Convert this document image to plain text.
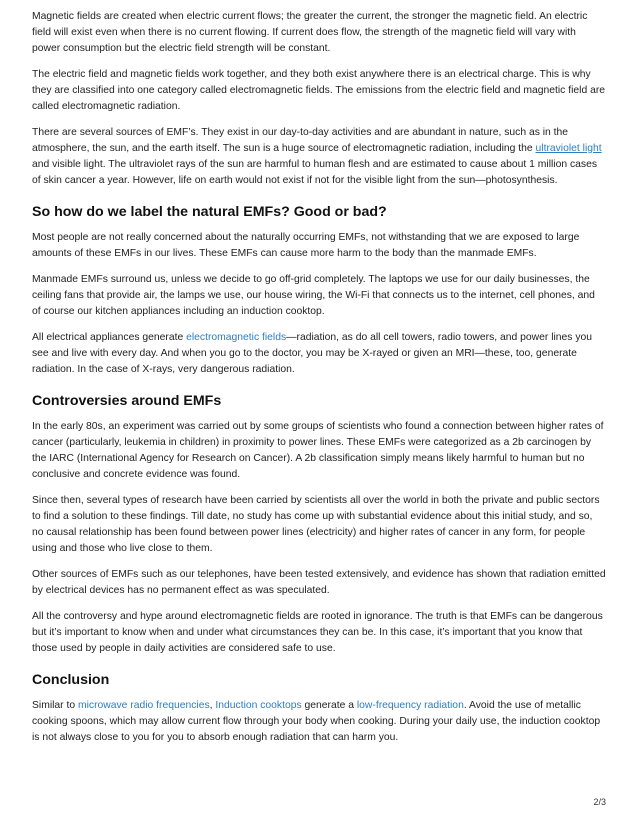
Magnetic fields are created when electric current flows; the greater the current, the stronger the magnetic field. An electric field will exist even when there is no current flowing. If current does flow, the strength of the magnetic field will vary with power consumption but the electric field strength will be constant.

The electric field and magnetic fields work together, and they both exist anywhere there is an electrical charge. This is why they are classified into one category called electromagnetic fields. The emissions from the electric field and magnetic field are called electromagnetic radiation.

There are several sources of EMF’s. They exist in our day-to-day activities and are abundant in nature, such as in the atmosphere, the sun, and the earth itself. The sun is a huge source of electromagnetic radiation, including the ultraviolet light and visible light. The ultraviolet rays of the sun are harmful to human flesh and are estimated to cause about 1 million cases of skin cancer a year. However, life on earth would not exist if not for the visible light from the sun—photosynthesis.

So how do we label the natural EMFs? Good or bad?

Most people are not really concerned about the naturally occurring EMFs, not withstanding that we are exposed to large amounts of these EMFs in our lives. These EMFs can cause more harm to the body than the manmade EMFs.

Manmade EMFs surround us, unless we decide to go off-grid completely. The laptops we use for our daily businesses, the ceiling fans that provide air, the lamps we use, our house wiring, the Wi-Fi that connects us to the internet, cell phones, and of course our kitchen appliances including an induction cooktop.

All electrical appliances generate electromagnetic fields—radiation, as do all cell towers, radio towers, and power lines you see and live with every day. And when you go to the doctor, you may be X-rayed or given an MRI—these, too, generate radiation. In the case of X-rays, very dangerous radiation.

Controversies around EMFs

In the early 80s, an experiment was carried out by some groups of scientists who found a connection between higher rates of cancer (particularly, leukemia in children) in proximity to power lines. These EMFs were categorized as a 2b carcinogen by the IARC (International Agency for Research on Cancer). A 2b classification simply means likely harmful to human but no conclusive and concrete evidence was found.

Since then, several types of research have been carried by scientists all over the world in both the private and public sectors to find a solution to these findings. Till date, no study has come up with substantial evidence about this initial study, and so, no causal relationship has been found between power lines (electricity) and higher rates of cancer in any form, for people using and those who live close to them.

Other sources of EMFs such as our telephones, have been tested extensively, and evidence has shown that radiation emitted by electrical devices has no permanent effect as was speculated.

All the controversy and hype around electromagnetic fields are rooted in ignorance. The truth is that EMFs can be dangerous but it’s important to know when and under what circumstances they can be. In this case, it’s important that you know that those used by people in daily activities are considered safe to use.

Conclusion

Similar to microwave radio frequencies, Induction cooktops generate a low-frequency radiation. Avoid the use of metallic cooking spoons, which may allow current flow through your body when cooking. During your daily use, the induction cooktop is not always close to you for you to absorb enough radiation that can harm you.

2/3
